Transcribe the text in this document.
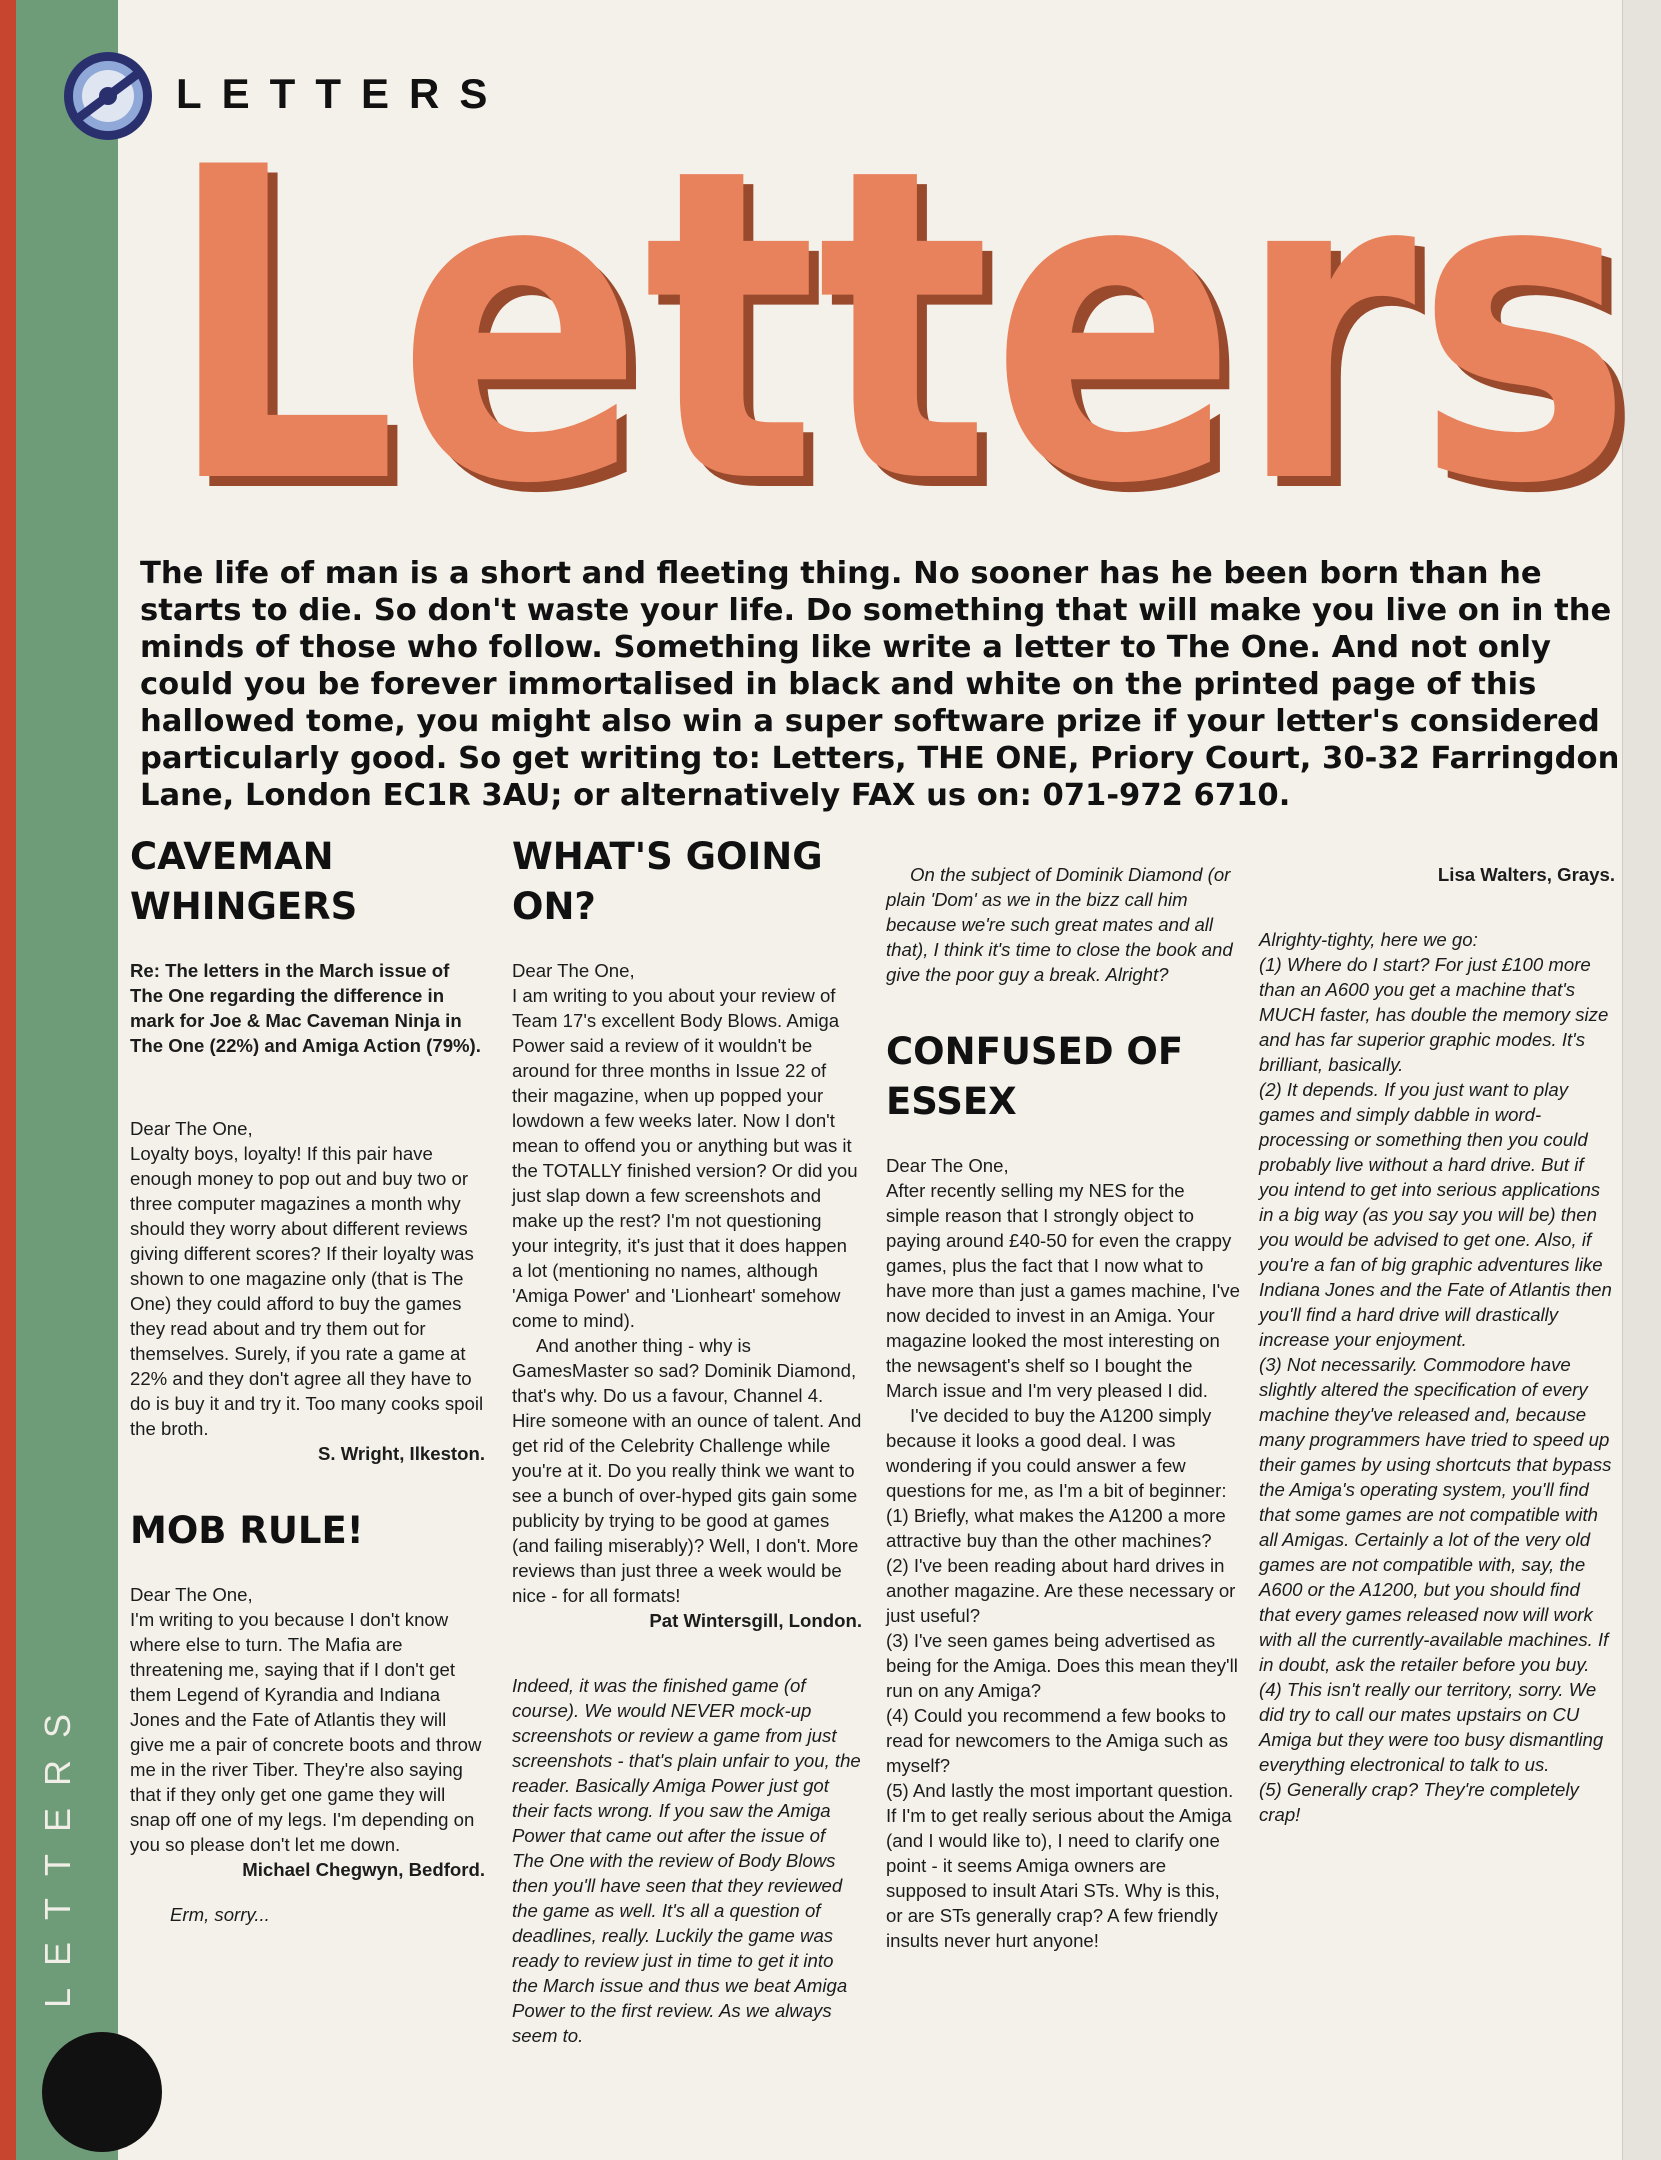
LETTERS
LETTERS
Letters
Letters

The life of man is a short and fleeting thing. No sooner has he been born than he starts to die. So don't waste your life. Do something that will make you live on in the minds of those who follow. Something like write a letter to The One. And not only could you be forever immortalised in black and white on the printed page of this hallowed tome, you might also win a super software prize if your letter's considered particularly good. So get writing to: Letters, THE ONE, Priory Court, 30-32 Farringdon Lane, London EC1R 3AU; or alternatively FAX us on: 071-972 6710.

CAVEMAN WHINGERS

Re: The letters in the March issue of The One regarding the difference in mark for Joe & Mac Caveman Ninja in The One (22%) and Amiga Action (79%).

Dear The One,

Loyalty boys, loyalty! If this pair have enough money to pop out and buy two or three computer magazines a month why should they worry about different reviews giving different scores? If their loyalty was shown to one magazine only (that is The One) they could afford to buy the games they read about and try them out for themselves. Surely, if you rate a game at 22% and they don't agree all they have to do is buy it and try it. Too many cooks spoil the broth.

S. Wright, Ilkeston.

MOB RULE!

Dear The One,

I'm writing to you because I don't know where else to turn. The Mafia are threatening me, saying that if I don't get them Legend of Kyrandia and Indiana Jones and the Fate of Atlantis they will give me a pair of concrete boots and throw me in the river Tiber. They're also saying that if they only get one game they will snap off one of my legs. I'm depending on you so please don't let me down.

Michael Chegwyn, Bedford.

Erm, sorry...

WHAT'S GOING ON?

Dear The One,

I am writing to you about your review of Team 17's excellent Body Blows. Amiga Power said a review of it wouldn't be around for three months in Issue 22 of their magazine, when up popped your lowdown a few weeks later. Now I don't mean to offend you or anything but was it the TOTALLY finished version? Or did you just slap down a few screenshots and make up the rest? I'm not questioning your integrity, it's just that it does happen a lot (mentioning no names, although 'Amiga Power' and 'Lionheart' somehow come to mind).

And another thing - why is GamesMaster so sad? Dominik Diamond, that's why. Do us a favour, Channel 4. Hire someone with an ounce of talent. And get rid of the Celebrity Challenge while you're at it. Do you really think we want to see a bunch of over-hyped gits gain some publicity by trying to be good at games (and failing miserably)? Well, I don't. More reviews than just three a week would be nice - for all formats!

Pat Wintersgill, London.

Indeed, it was the finished game (of course). We would NEVER mock-up screenshots or review a game from just screenshots - that's plain unfair to you, the reader. Basically Amiga Power just got their facts wrong. If you saw the Amiga Power that came out after the issue of The One with the review of Body Blows then you'll have seen that they reviewed the game as well. It's all a question of deadlines, really. Luckily the game was ready to review just in time to get it into the March issue and thus we beat Amiga Power to the first review. As we always seem to.

On the subject of Dominik Diamond (or plain 'Dom' as we in the bizz call him because we're such great mates and all that), I think it's time to close the book and give the poor guy a break. Alright?

CONFUSED OF ESSEX

Dear The One,

After recently selling my NES for the simple reason that I strongly object to paying around £40-50 for even the crappy games, plus the fact that I now what to have more than just a games machine, I've now decided to invest in an Amiga. Your magazine looked the most interesting on the newsagent's shelf so I bought the March issue and I'm very pleased I did.

I've decided to buy the A1200 simply because it looks a good deal. I was wondering if you could answer a few questions for me, as I'm a bit of beginner:

(1) Briefly, what makes the A1200 a more attractive buy than the other machines?

(2) I've been reading about hard drives in another magazine. Are these necessary or just useful?

(3) I've seen games being advertised as being for the Amiga. Does this mean they'll run on any Amiga?

(4) Could you recommend a few books to read for newcomers to the Amiga such as myself?

(5) And lastly the most important question. If I'm to get really serious about the Amiga (and I would like to), I need to clarify one point - it seems Amiga owners are supposed to insult Atari STs. Why is this, or are STs generally crap? A few friendly insults never hurt anyone!

Lisa Walters, Grays.

Alrighty-tighty, here we go:

(1) Where do I start? For just £100 more than an A600 you get a machine that's MUCH faster, has double the memory size and has far superior graphic modes. It's brilliant, basically.

(2) It depends. If you just want to play games and simply dabble in word-processing or something then you could probably live without a hard drive. But if you intend to get into serious applications in a big way (as you say you will be) then you would be advised to get one. Also, if you're a fan of big graphic adventures like Indiana Jones and the Fate of Atlantis then you'll find a hard drive will drastically increase your enjoyment.

(3) Not necessarily. Commodore have slightly altered the specification of every machine they've released and, because many programmers have tried to speed up their games by using shortcuts that bypass the Amiga's operating system, you'll find that some games are not compatible with all Amigas. Certainly a lot of the very old games are not compatible with, say, the A600 or the A1200, but you should find that every games released now will work with all the currently-available machines. If in doubt, ask the retailer before you buy.

(4) This isn't really our territory, sorry. We did try to call our mates upstairs on CU Amiga but they were too busy dismantling everything electronical to talk to us.

(5) Generally crap? They're completely crap!
